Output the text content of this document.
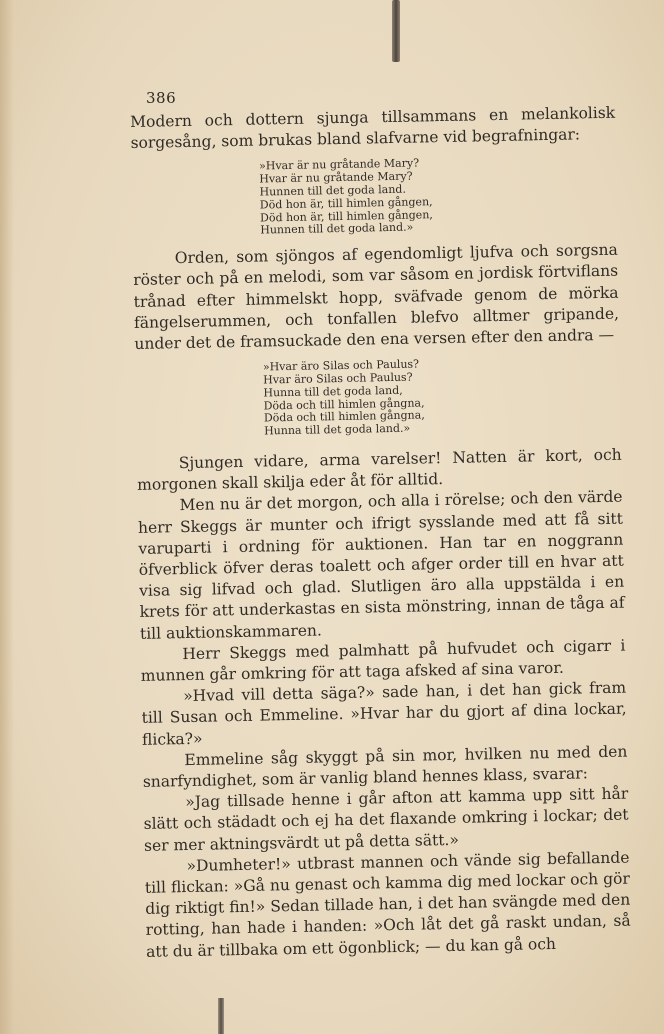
386

Modern och dottern sjunga tillsammans en melankolisk sorgesång, som brukas bland slafvarne vid begrafningar:

»Hvar är nu gråtande Mary?
Hvar är nu gråtande Mary?
Hunnen till det goda land.
Död hon är, till himlen gången,
Död hon är, till himlen gången,
Hunnen till det goda land.»

Orden, som sjöngos af egendomligt ljufva och sorgsna röster och på en melodi, som var såsom en jordisk förtviflans trånad efter himmelskt hopp, sväfvade genom de mörka fängelserummen, och tonfallen blefvo alltmer gripande, under det de framsuckade den ena versen efter den andra —

»Hvar äro Silas och Paulus?
Hvar äro Silas och Paulus?
Hunna till det goda land,
Döda och till himlen gångna,
Döda och till himlen gångna,
Hunna till det goda land.»

Sjungen vidare, arma varelser! Natten är kort, och morgonen skall skilja eder åt för alltid.

Men nu är det morgon, och alla i rörelse; och den värde herr Skeggs är munter och ifrigt sysslande med att få sitt varuparti i ordning för auktionen. Han tar en noggrann öfverblick öfver deras toalett och afger order till en hvar att visa sig lifvad och glad. Slutligen äro alla uppstälda i en krets för att underkastas en sista mönstring, innan de tåga af till auktionskammaren.

Herr Skeggs med palmhatt på hufvudet och cigarr i munnen går omkring för att taga afsked af sina varor.

»Hvad vill detta säga?» sade han, i det han gick fram till Susan och Emmeline. »Hvar har du gjort af dina lockar, flicka?»

Emmeline såg skyggt på sin mor, hvilken nu med den snarfyndighet, som är vanlig bland hennes klass, svarar:

»Jag tillsade henne i går afton att kamma upp sitt hår slätt och städadt och ej ha det flaxande omkring i lockar; det ser mer aktningsvärdt ut på detta sätt.»

»Dumheter!» utbrast mannen och vände sig befallande till flickan: »Gå nu genast och kamma dig med lockar och gör dig riktigt fin!» Sedan tillade han, i det han svängde med den rotting, han hade i handen: »Och låt det gå raskt undan, så att du är tillbaka om ett ögonblick; — du kan gå och
